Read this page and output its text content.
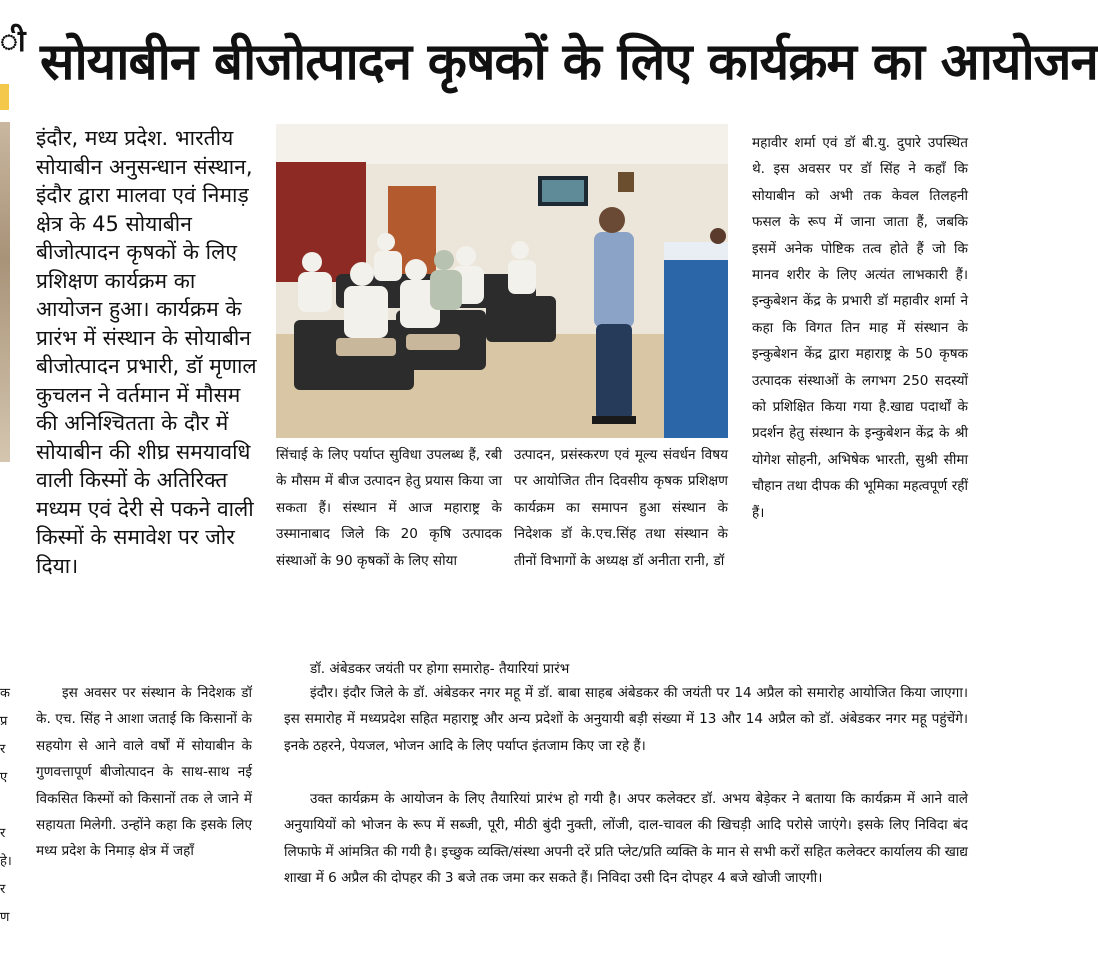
ी
क
प्र
र
ए

र
हे।
र
ण
सोयाबीन बीजोत्पादन कृषकों के लिए कार्यक्रम का आयोजन
इंदौर, मध्य प्रदेश. भारतीय सोयाबीन अनुसन्धान संस्थान, इंदौर द्वारा मालवा एवं निमाड़ क्षेत्र के 45 सोयाबीन बीजोत्पादन कृषकों के लिए प्रशिक्षण कार्यक्रम का आयोजन हुआ। कार्यक्रम के प्रारंभ में संस्थान के सोयाबीन बीजोत्पादन प्रभारी, डॉ मृणाल कुचलन ने वर्तमान में मौसम की अनिश्चितता के दौर में सोयाबीन की शीघ्र समयावधि वाली किस्मों के अतिरिक्त मध्यम एवं देरी से पकने वाली किस्मों के समावेश पर जोर दिया।
सिंचाई के लिए पर्याप्त सुविधा उपलब्ध हैं, रबी के मौसम में बीज उत्पादन हेतु प्रयास किया जा सकता हैं। संस्थान में आज महाराष्ट्र के उस्मानाबाद जिले कि 20 कृषि उत्पादक संस्थाओं के 90 कृषकों के लिए सोया
उत्पादन, प्रसंस्करण एवं मूल्य संवर्धन विषय पर आयोजित तीन दिवसीय कृषक प्रशिक्षण कार्यक्रम का समापन हुआ संस्थान के निदेशक डॉ के.एच.सिंह तथा संस्थान के तीनों विभागों के अध्यक्ष डॉ अनीता रानी, डॉ
महावीर शर्मा एवं डॉ बी.यु. दुपारे उपस्थित थे. इस अवसर पर डॉ सिंह ने कहाँ कि सोयाबीन को अभी तक केवल तिलहनी फसल के रूप में जाना जाता हैं, जबकि इसमें अनेक पोष्टिक तत्व होते हैं जो कि मानव शरीर के लिए अत्यंत लाभकारी हैं। इन्कुबेशन केंद्र के प्रभारी डॉ महावीर शर्मा ने कहा कि विगत तिन माह में संस्थान के इन्कुबेशन केंद्र द्वारा महाराष्ट्र के 50 कृषक उत्पादक संस्थाओं के लगभग 250 सदस्यों को प्रशिक्षित किया गया है.खाद्य पदार्थों के प्रदर्शन हेतु संस्थान के इन्कुबेशन केंद्र के श्री योगेश सोहनी, अभिषेक भारती, सुश्री सीमा चौहान तथा दीपक की भूमिका महत्वपूर्ण रहीं हैं।
इस अवसर पर संस्थान के निदेशक डॉ के. एच. सिंह ने आशा जताई कि किसानों के सहयोग से आने वाले वर्षों में सोयाबीन के गुणवत्तापूर्ण बीजोत्पादन के साथ-साथ नई विकसित किस्मों को किसानों तक ले जाने में सहायता मिलेगी. उन्होंने कहा कि इसके लिए मध्य प्रदेश के निमाड़ क्षेत्र में जहाँ
डॉ. अंबेडकर जयंती पर होगा समारोह- तैयारियां प्रारंभ
इंदौर। इंदौर जिले के डॉ. अंबेडकर नगर महू में डॉ. बाबा साहब अंबेडकर की जयंती पर 14 अप्रैल को समारोह आयोजित किया जाएगा। इस समारोह में मध्यप्रदेश सहित महाराष्ट्र और अन्य प्रदेशों के अनुयायी बड़ी संख्या में 13 और 14 अप्रैल को डॉ. अंबेडकर नगर महू पहुंचेंगे। इनके ठहरने, पेयजल, भोजन आदि के लिए पर्याप्त इंतजाम किए जा रहे हैं।
उक्त कार्यक्रम के आयोजन के लिए तैयारियां प्रारंभ हो गयी है। अपर कलेक्टर डॉ. अभय बेड़ेकर ने बताया कि कार्यक्रम में आने वाले अनुयायियों को भोजन के रूप में सब्जी, पूरी, मीठी बुंदी नुक्ती, लोंजी, दाल-चावल की खिचड़ी आदि परोसे जाएंगे। इसके लिए निविदा बंद लिफाफे में आंमत्रित की गयी है। इच्छुक व्यक्ति/संस्था अपनी दरें प्रति प्लेट/प्रति व्यक्ति के मान से सभी करों सहित कलेक्टर कार्यालय की खाद्य शाखा में 6 अप्रैल की दोपहर की 3 बजे तक जमा कर सकते हैं। निविदा उसी दिन दोपहर 4 बजे खोजी जाएगी।
